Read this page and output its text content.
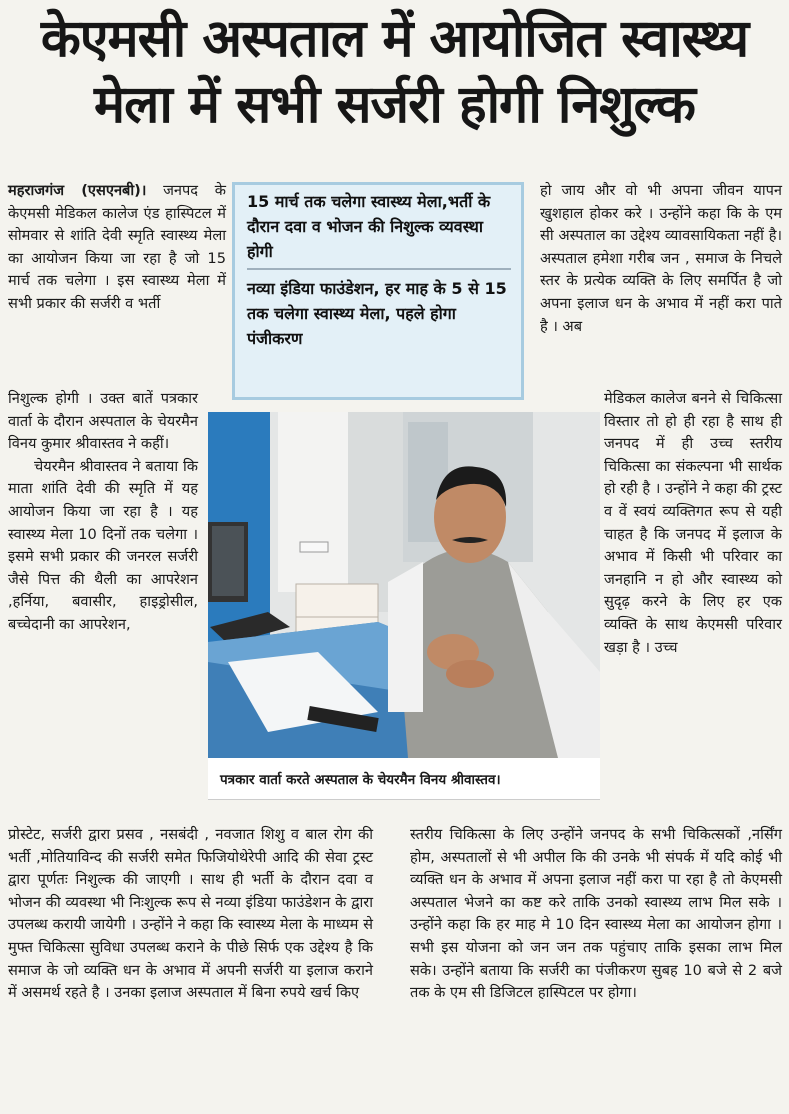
केएमसी अस्पताल में आयोजित स्वास्थ्य
मेला में सभी सर्जरी होगी निशुल्क

महराजगंज (एसएनबी)। जनपद के केएमसी मेडिकल कालेज एंड हास्पिटल में सोमवार से शांति देवी स्मृति स्वास्थ्य मेला का आयोजन किया जा रहा है जो 15 मार्च तक चलेगा । इस स्वास्थ्य मेला में सभी प्रकार की सर्जरी व भर्ती

15 मार्च तक चलेगा स्वास्थ्य मेला,भर्ती के दौरान दवा व भोजन की निशुल्क व्यवस्था होगी
नव्या इंडिया फाउंडेशन, हर माह के 5 से 15 तक चलेगा स्वास्थ्य मेला, पहले होगा पंजीकरण

हो जाय और वो भी अपना जीवन यापन खुशहाल होकर करे । उन्होंने कहा कि के एम सी अस्पताल का उद्देश्य व्यावसायिकता नहीं है। अस्पताल हमेशा गरीब जन , समाज के निचले स्तर के प्रत्येक व्यक्ति के लिए समर्पित है जो अपना इलाज धन के अभाव में नहीं करा पाते है । अब

निशुल्क होगी । उक्त बातें पत्रकार वार्ता के दौरान अस्पताल के चेयरमैन विनय कुमार श्रीवास्तव ने कहीं।

चेयरमैन श्रीवास्तव ने बताया कि माता शांति देवी की स्मृति में यह आयोजन किया जा रहा है । यह स्वास्थ्य मेला 10 दिनों तक चलेगा । इसमे सभी प्रकार की जनरल सर्जरी जैसे पित्त की थैली का आपरेशन ,हर्निया, बवासीर, हाइड्रोसील, बच्चेदानी का आपरेशन,

पत्रकार वार्ता करते अस्पताल के चेयरमैन विनय श्रीवास्तव।

मेडिकल कालेज बनने से चिकित्सा विस्तार तो हो ही रहा है साथ ही जनपद में ही उच्च स्तरीय चिकित्सा का संकल्पना भी सार्थक हो रही है । उन्होंने ने कहा की ट्रस्ट व वें स्वयं व्यक्तिगत रूप से यही चाहत है कि जनपद में इलाज के अभाव में किसी भी परिवार का जनहानि न हो और स्वास्थ्य को सुदृढ़ करने के लिए हर एक व्यक्ति के साथ केएमसी परिवार खड़ा है । उच्च

प्रोस्टेट, सर्जरी द्वारा प्रसव , नसबंदी , नवजात शिशु व बाल रोग की भर्ती ,मोतियाविन्द की सर्जरी समेत फिजियोथेरेपी आदि की सेवा ट्रस्ट द्वारा पूर्णतः निशुल्क की जाएगी । साथ ही भर्ती के दौरान दवा व भोजन की व्यवस्था भी निःशुल्क रूप से नव्या इंडिया फाउंडेशन के द्वारा उपलब्ध करायी जायेगी । उन्होंने ने कहा कि स्वास्थ्य मेला के माध्यम से मुफ्त चिकित्सा सुविधा उपलब्ध कराने के पीछे सिर्फ एक उद्देश्य है कि समाज के जो व्यक्ति धन के अभाव में अपनी सर्जरी या इलाज कराने में असमर्थ रहते है । उनका इलाज अस्पताल में बिना रुपये खर्च किए

स्तरीय चिकित्सा के लिए उन्होंने जनपद के सभी चिकित्सकों ,नर्सिंग होम, अस्पतालों से भी अपील कि की उनके भी संपर्क में यदि कोई भी व्यक्ति धन के अभाव में अपना इलाज नहीं करा पा रहा है तो केएमसी अस्पताल भेजने का कष्ट करे ताकि उनको स्वास्थ्य लाभ मिल सके । उन्होंने कहा कि हर माह मे 10 दिन स्वास्थ्य मेला का आयोजन होगा । सभी इस योजना को जन जन तक पहुंचाए ताकि इसका लाभ मिल सके। उन्होंने बताया कि सर्जरी का पंजीकरण सुबह 10 बजे से 2 बजे तक के एम सी डिजिटल हास्पिटल पर होगा।
